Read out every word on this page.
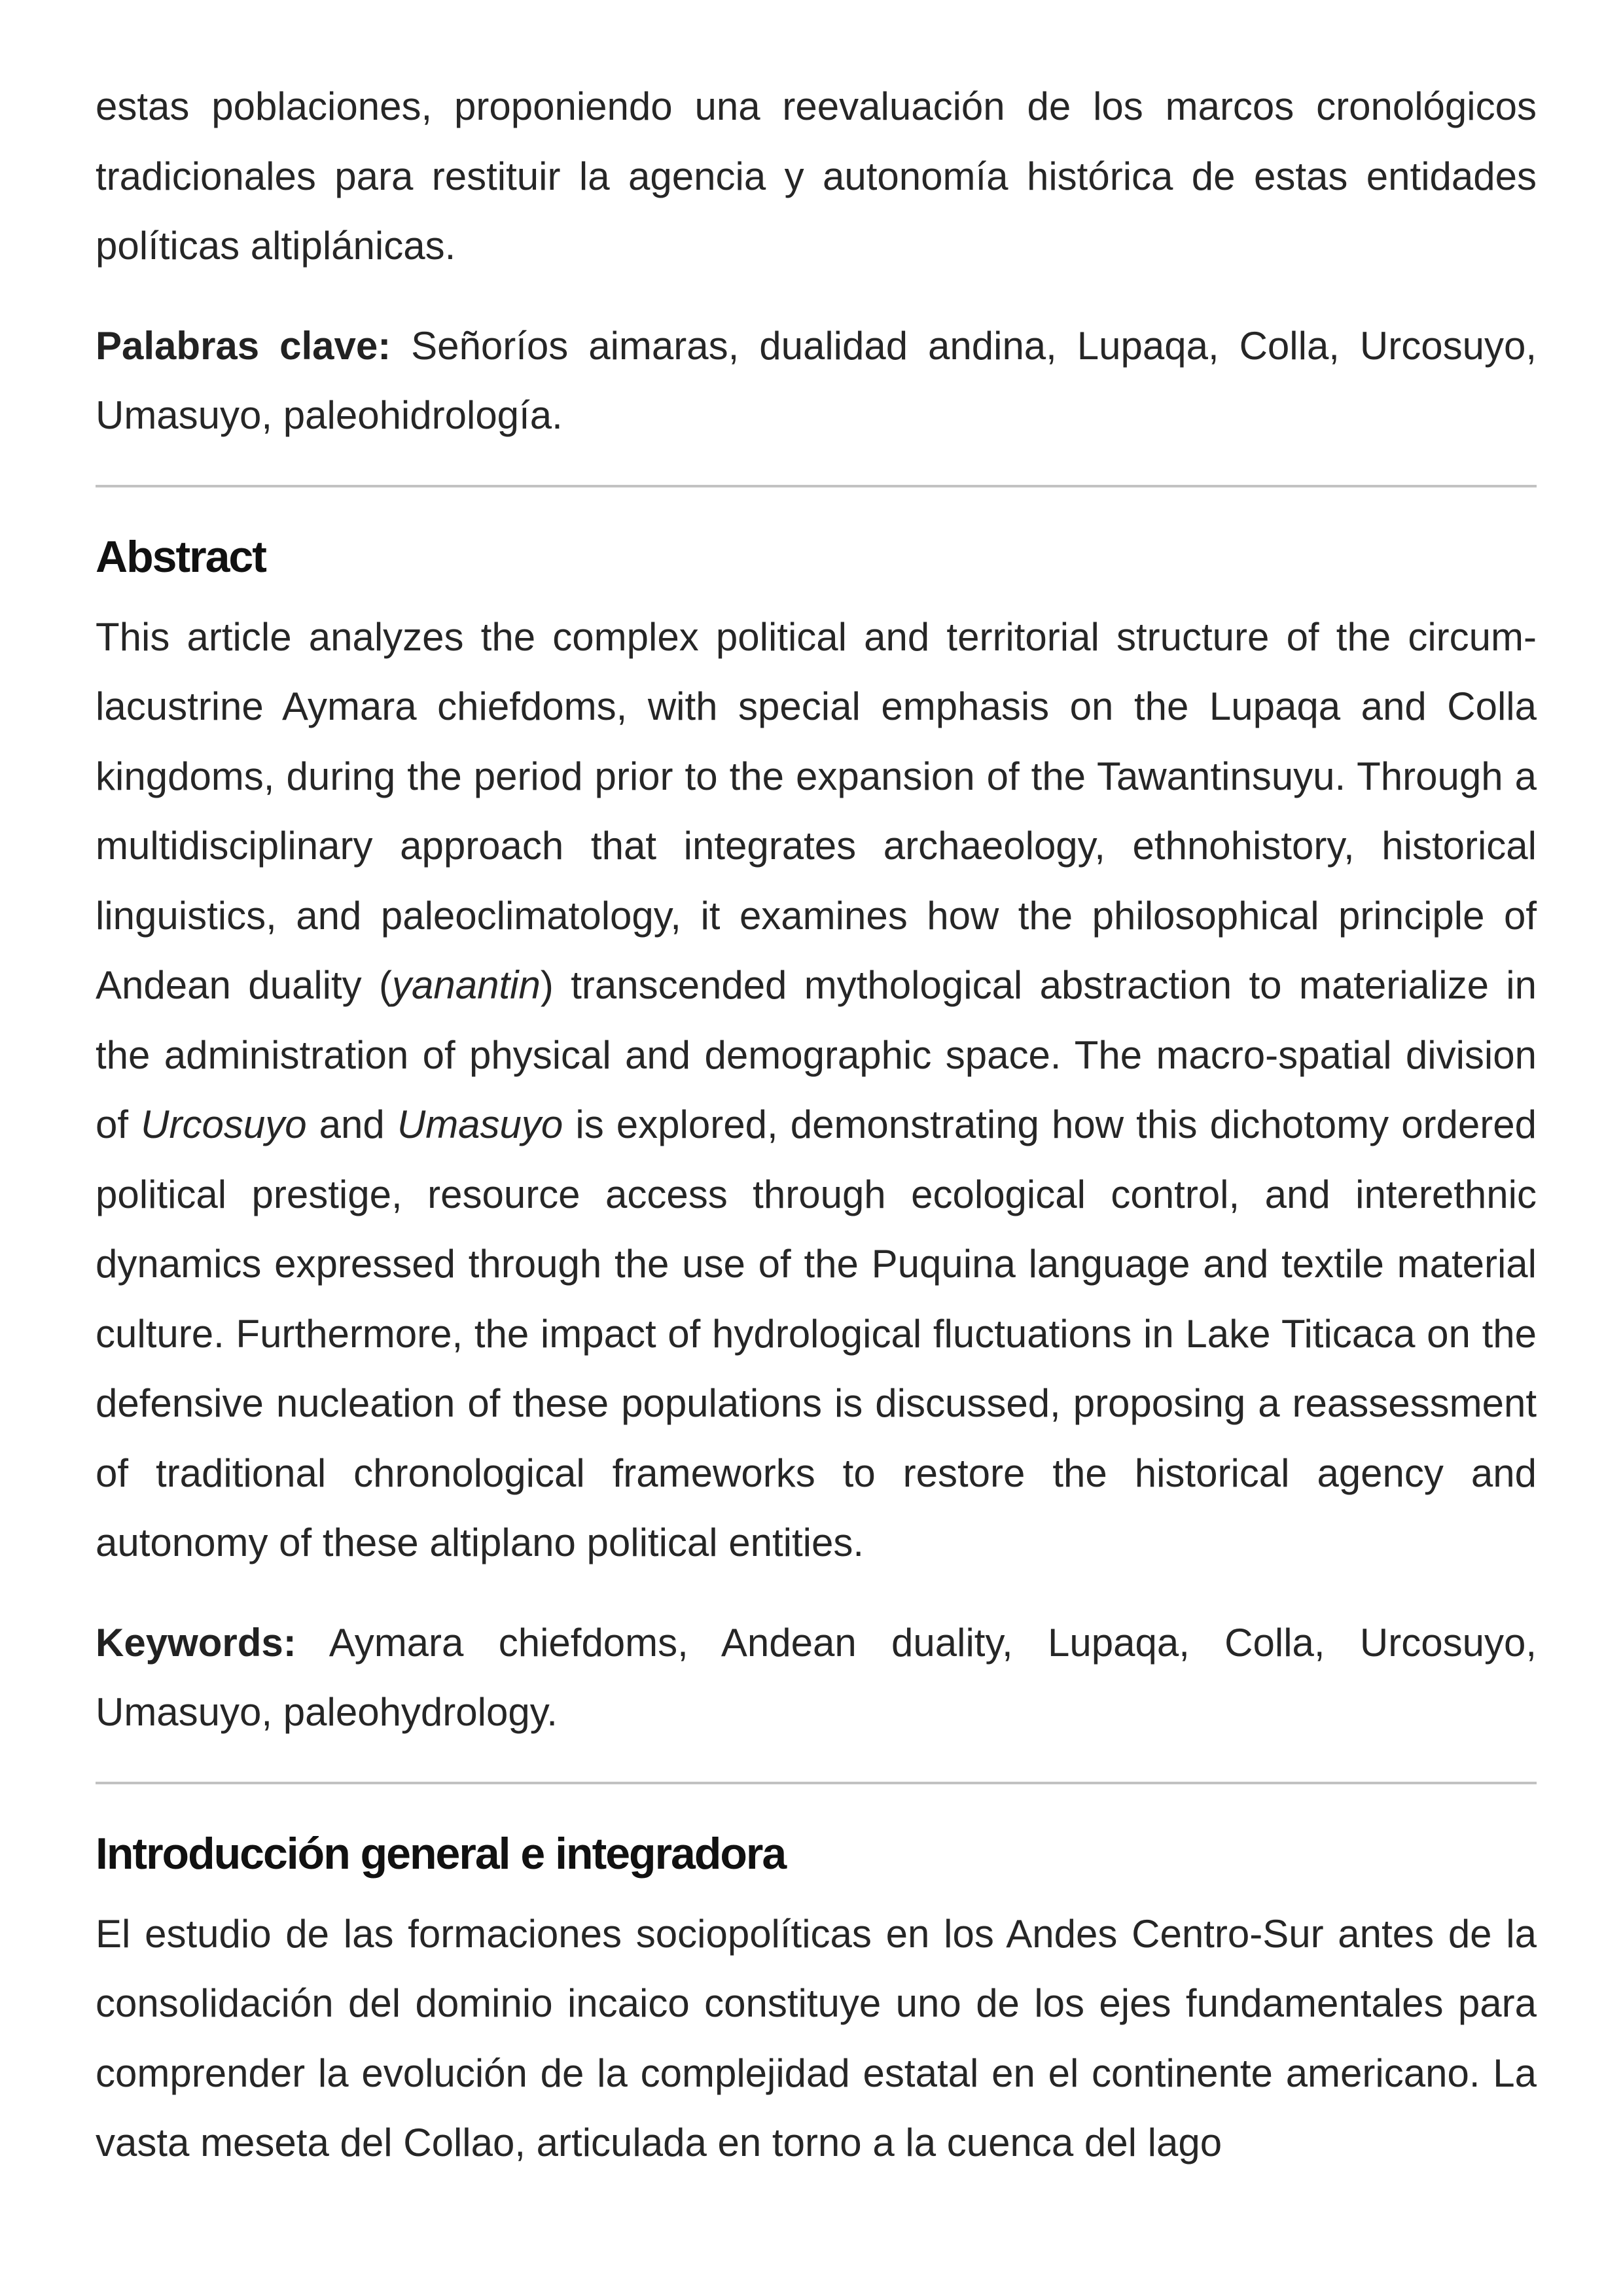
estas poblaciones, proponiendo una reevaluación de los marcos cronológicos tradicionales para restituir la agencia y autonomía histórica de estas entidades políticas altiplánicas.

Palabras clave: Señoríos aimaras, dualidad andina, Lupaqa, Colla, Urcosuyo, Umasuyo, paleohidrología.

Abstract

This article analyzes the complex political and territorial structure of the circum-lacustrine Aymara chiefdoms, with special emphasis on the Lupaqa and Colla kingdoms, during the period prior to the expansion of the Tawantinsuyu. Through a multidisciplinary approach that integrates archaeology, ethnohistory, historical linguistics, and paleoclimatology, it examines how the philosophical principle of Andean duality (yanantin) transcended mythological abstraction to materialize in the administration of physical and demographic space. The macro-spatial division of Urcosuyo and Umasuyo is explored, demonstrating how this dichotomy ordered political prestige, resource access through ecological control, and interethnic dynamics expressed through the use of the Puquina language and textile material culture. Furthermore, the impact of hydrological fluctuations in Lake Titicaca on the defensive nucleation of these populations is discussed, proposing a reassessment of traditional chronological frameworks to restore the historical agency and autonomy of these altiplano political entities.

Keywords: Aymara chiefdoms, Andean duality, Lupaqa, Colla, Urcosuyo, Umasuyo, paleohydrology.

Introducción general e integradora

El estudio de las formaciones sociopolíticas en los Andes Centro-Sur antes de la consolidación del dominio incaico constituye uno de los ejes fundamentales para comprender la evolución de la complejidad estatal en el continente americano. La vasta meseta del Collao, articulada en torno a la cuenca del lago
